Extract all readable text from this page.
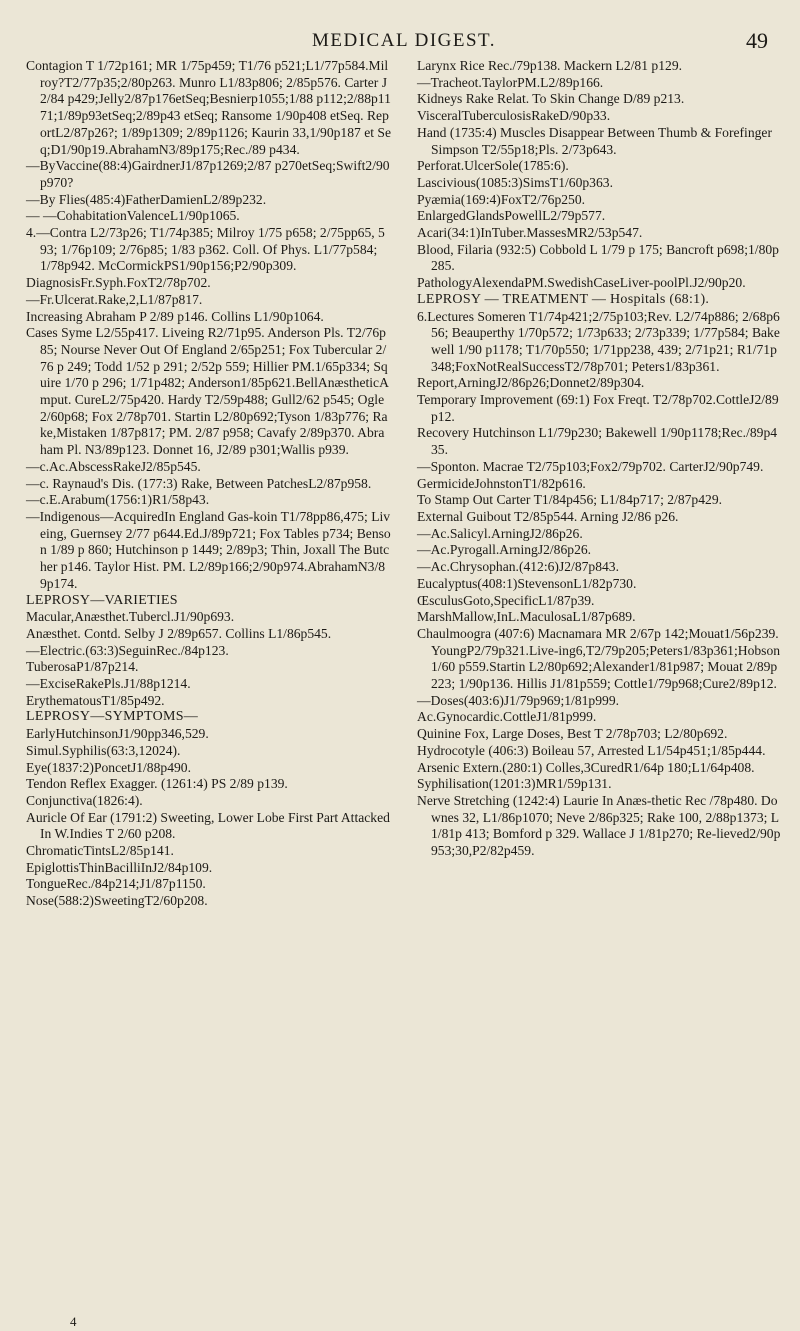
MEDICAL DIGEST.	49

Contagion T 1/72p161; MR 1/75p459; T1/76 p521;L1/77p584.Milroy?T2/77p35;2/80p263. Munro L1/83p806; 2/85p576. Carter J2/84 p429;Jelly2/87p176etSeq;Besnierp1055;1/88 p112;2/88p1171;1/89p93etSeq;2/89p43 etSeq; Ransome 1/90p408 etSeq. ReportL2/87p26?; 1/89p1309; 2/89p1126; Kaurin 33,1/90p187 et Seq;D1/90p19.AbrahamN3/89p175;Rec./89 p434.

—ByVaccine(88:4)GairdnerJ1/87p1269;2/87 p270etSeq;Swift2/90p970?

—By Flies(485:4)FatherDamienL2/89p232.

— —CohabitationValenceL1/90p1065.

4.—Contra L2/73p26; T1/74p385; Milroy 1/75 p658; 2/75pp65, 593; 1/76p109; 2/76p85; 1/83 p362. Coll. Of Phys. L1/77p584; 1/78p942. McCormickPS1/90p156;P2/90p309.

DiagnosisFr.Syph.FoxT2/78p702.

—Fr.Ulcerat.Rake,2,L1/87p817.

Increasing Abraham P 2/89 p146. Collins L1/90p1064.

Cases Syme L2/55p417. Liveing R2/71p95. Anderson Pls. T2/76p85; Nourse Never Out Of England 2/65p251; Fox Tubercular 2/76 p 249; Todd 1/52 p 291; 2/52p 559; Hillier PM.1/65p334; Squire 1/70 p 296; 1/71p482; Anderson1/85p621.BellAnæstheticAmput. CureL2/75p420. Hardy T2/59p488; Gull2/62 p545; Ogle 2/60p68; Fox 2/78p701. Startin L2/80p692;Tyson 1/83p776; Rake,Mistaken 1/87p817; PM. 2/87 p958; Cavafy 2/89p370. Abraham Pl. N3/89p123. Donnet 16, J2/89 p301;Wallis p939.

—c.Ac.AbscessRakeJ2/85p545.

—c. Raynaud's Dis. (177:3) Rake, Between PatchesL2/87p958.

—c.E.Arabum(1756:1)R1/58p43.

—Indigenous—AcquiredIn England Gas-koin T1/78pp86,475; Liveing, Guernsey 2/77 p644.Ed.J/89p721; Fox Tables p734; Benson 1/89 p 860; Hutchinson p 1449; 2/89p3; Thin, Joxall The Butcher p146. Taylor Hist. PM. L2/89p166;2/90p974.AbrahamN3/89p174.

LEPROSY—VARIETIES

Macular,Anæsthet.Tubercl.J1/90p693.

Anæsthet. Contd. Selby J 2/89p657. Collins L1/86p545.

—Electric.(63:3)SeguinRec./84p123.

TuberosaP1/87p214.

—ExciseRakePls.J1/88p1214.

ErythematousT1/85p492.

LEPROSY—SYMPTOMS—

EarlyHutchinsonJ1/90pp346,529.

Simul.Syphilis(63:3,12024).

Eye(1837:2)PoncetJ1/88p490.

Tendon Reflex Exagger. (1261:4) PS 2/89 p139.

Conjunctiva(1826:4).

Auricle Of Ear (1791:2) Sweeting, Lower Lobe First Part Attacked In W.Indies T 2/60 p208.

ChromaticTintsL2/85p141.

EpiglottisThinBacilliInJ2/84p109.

TongueRec./84p214;J1/87p1150.

Nose(588:2)SweetingT2/60p208.

Larynx Rice Rec./79p138. Mackern L2/81 p129.

—Tracheot.TaylorPM.L2/89p166.

Kidneys Rake Relat. To Skin Change D/89 p213.

VisceralTuberculosisRakeD/90p33.

Hand (1735:4) Muscles Disappear Between Thumb & Forefinger Simpson T2/55p18;Pls. 2/73p643.

Perforat.UlcerSole(1785:6).

Lascivious(1085:3)SimsT1/60p363.

Pyæmia(169:4)FoxT2/76p250.

EnlargedGlandsPowellL2/79p577.

Acari(34:1)InTuber.MassesMR2/53p547.

Blood, Filaria (932:5) Cobbold L 1/79 p 175; Bancroft p698;1/80p285.

PathologyAlexendaPM.SwedishCaseLiver-poolPl.J2/90p20.

LEPROSY — TREATMENT — Hospitals (68:1).

6.Lectures Someren T1/74p421;2/75p103;Rev. L2/74p886; 2/68p656; Beauperthy 1/70p572; 1/73p633; 2/73p339; 1/77p584; Bakewell 1/90 p1178; T1/70p550; 1/71pp238, 439; 2/71p21; R1/71p348;FoxNotRealSuccessT2/78p701; Peters1/83p361.

Report,ArningJ2/86p26;Donnet2/89p304.

Temporary Improvement (69:1) Fox Freqt. T2/78p702.CottleJ2/89p12.

Recovery Hutchinson L1/79p230; Bakewell 1/90p1178;Rec./89p435.

—Sponton. Macrae T2/75p103;Fox2/79p702. CarterJ2/90p749.

GermicideJohnstonT1/82p616.

To Stamp Out Carter T1/84p456; L1/84p717; 2/87p429.

External Guibout T2/85p544. Arning J2/86 p26.

—Ac.Salicyl.ArningJ2/86p26.

—Ac.Pyrogall.ArningJ2/86p26.

—Ac.Chrysophan.(412:6)J2/87p843.

Eucalyptus(408:1)StevensonL1/82p730.

ŒsculusGoto,SpecificL1/87p39.

MarshMallow,InL.MaculosaL1/87p689.

Chaulmoogra (407:6) Macnamara MR 2/67p 142;Mouat1/56p239.YoungP2/79p321.Live-ing6,T2/79p205;Peters1/83p361;Hobson1/60 p559.Startin L2/80p692;Alexander1/81p987; Mouat 2/89p223; 1/90p136. Hillis J1/81p559; Cottle1/79p968;Cure2/89p12.

—Doses(403:6)J1/79p969;1/81p999.

Ac.Gynocardic.CottleJ1/81p999.

Quinine Fox, Large Doses, Best T 2/78p703; L2/80p692.

Hydrocotyle (406:3) Boileau 57, Arrested L1/54p451;1/85p444.

Arsenic Extern.(280:1) Colles,3CuredR1/64p 180;L1/64p408.

Syphilisation(1201:3)MR1/59p131.

Nerve Stretching (1242:4) Laurie In Anæs-thetic Rec /78p480. Downes 32, L1/86p1070; Neve 2/86p325; Rake 100, 2/88p1373; L1/81p 413; Bomford p 329. Wallace J 1/81p270; Re-lieved2/90p953;30,P2/82p459.

4
